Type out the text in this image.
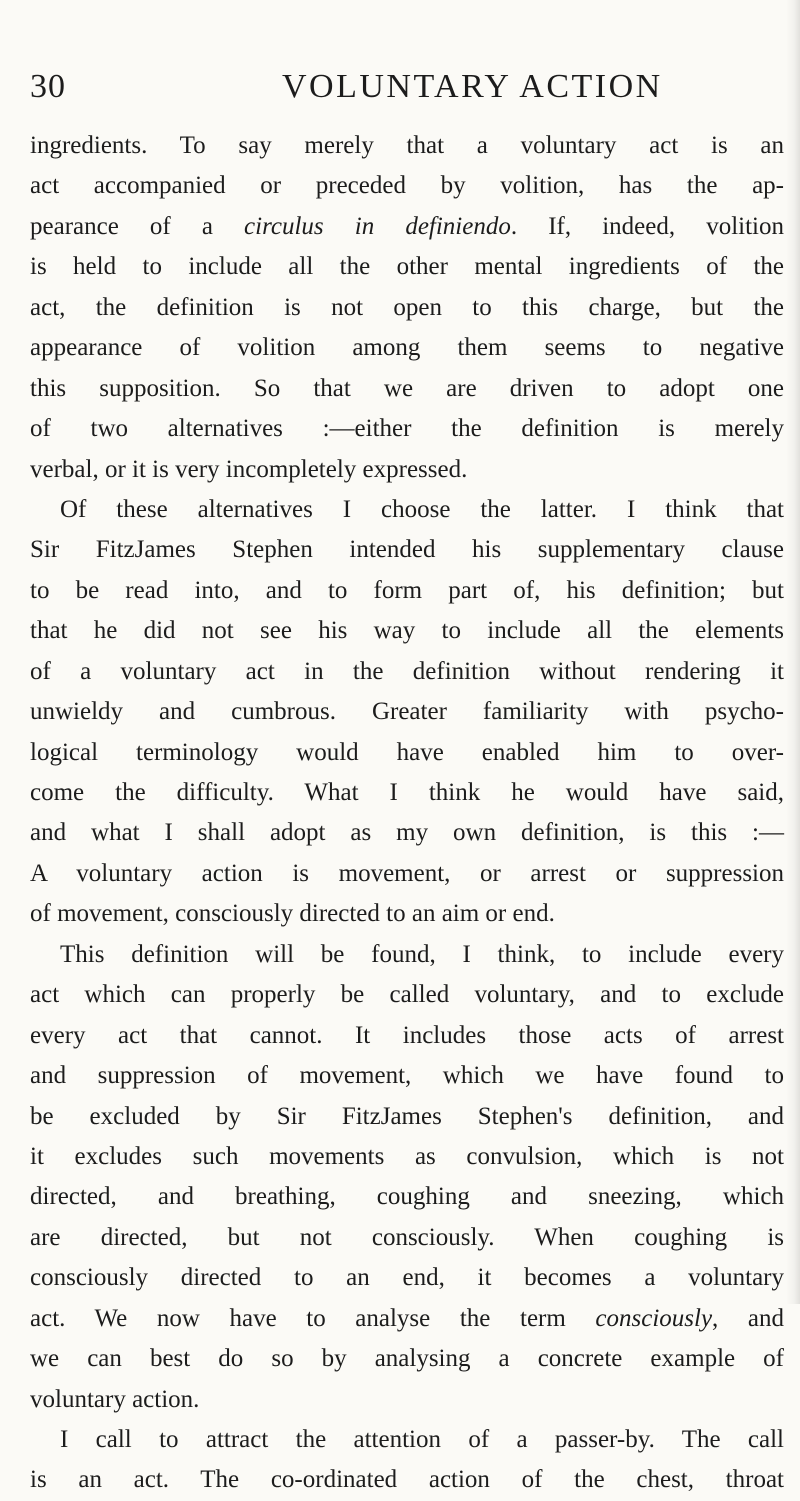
30	VOLUNTARY ACTION
ingredients. To say merely that a voluntary act is an
act accompanied or preceded by volition, has the ap-
pearance of a circulus in definiendo. If, indeed, volition
is held to include all the other mental ingredients of the
act, the definition is not open to this charge, but the
appearance of volition among them seems to negative
this supposition. So that we are driven to adopt one
of two alternatives :—either the definition is merely
verbal, or it is very incompletely expressed.
Of these alternatives I choose the latter. I think that
Sir FitzJames Stephen intended his supplementary clause
to be read into, and to form part of, his definition; but
that he did not see his way to include all the elements
of a voluntary act in the definition without rendering it
unwieldy and cumbrous. Greater familiarity with psycho-
logical terminology would have enabled him to over-
come the difficulty. What I think he would have said,
and what I shall adopt as my own definition, is this :—
A voluntary action is movement, or arrest or suppression
of movement, consciously directed to an aim or end.
This definition will be found, I think, to include every
act which can properly be called voluntary, and to exclude
every act that cannot. It includes those acts of arrest
and suppression of movement, which we have found to
be excluded by Sir FitzJames Stephen's definition, and
it excludes such movements as convulsion, which is not
directed, and breathing, coughing and sneezing, which
are directed, but not consciously. When coughing is
consciously directed to an end, it becomes a voluntary
act. We now have to analyse the term consciously, and
we can best do so by analysing a concrete example of
voluntary action.
I call to attract the attention of a passer-by. The call
is an act. The co-ordinated action of the chest, throat
